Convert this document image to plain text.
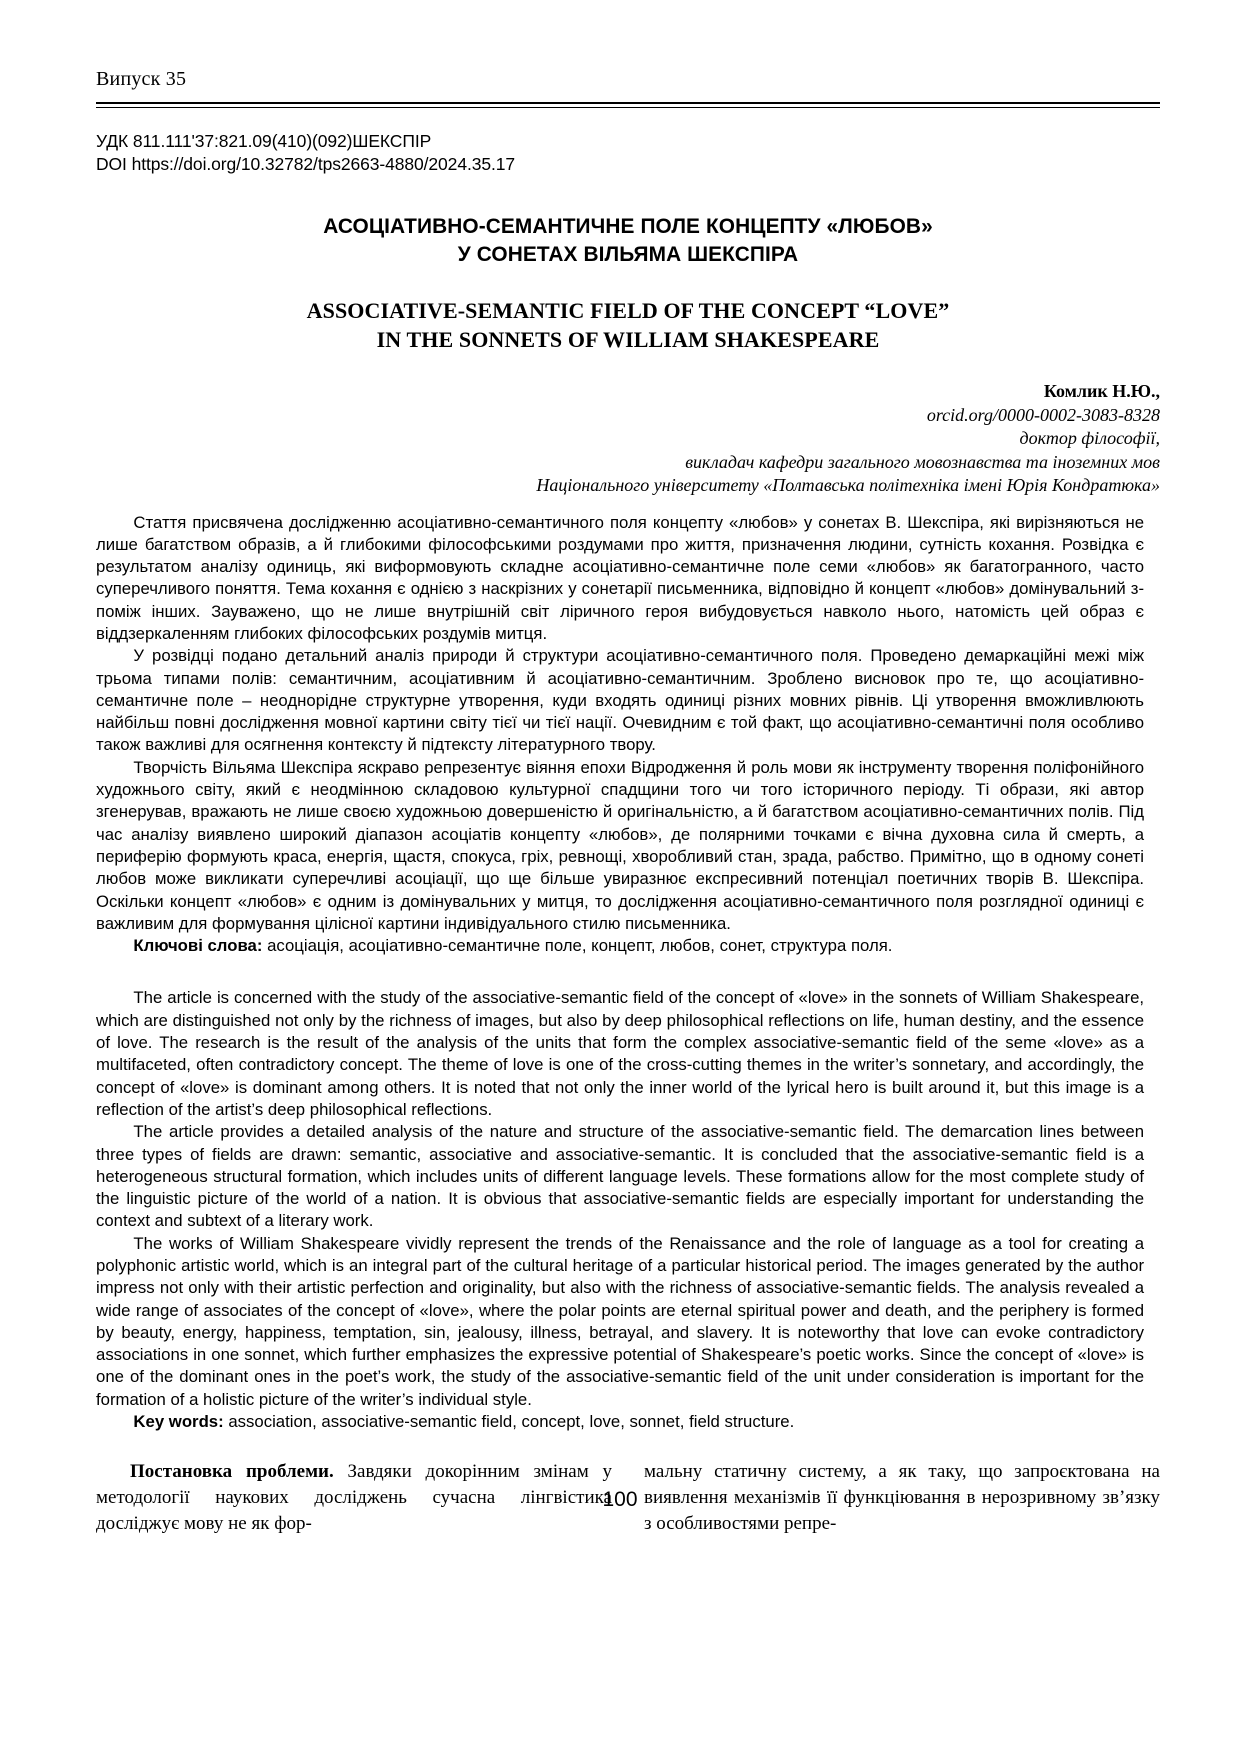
Випуск 35
УДК 811.111'37:821.09(410)(092)ШЕКСПІР
DOI https://doi.org/10.32782/tps2663-4880/2024.35.17
АСОЦІАТИВНО-СЕМАНТИЧНЕ ПОЛЕ КОНЦЕПТУ «ЛЮБОВ»
У СОНЕТАХ ВІЛЬЯМА ШЕКСПІРА
ASSOCIATIVE-SEMANTIC FIELD OF THE CONCEPT “LOVE”
IN THE SONNETS OF WILLIAM SHAKESPEARE
Комлик Н.Ю.,
orcid.org/0000-0002-3083-8328
доктор філософії,
викладач кафедри загального мовознавства та іноземних мов
Національного університету «Полтавська політехніка імені Юрія Кондратюка»

Стаття присвячена дослідженню асоціативно-семантичного поля концепту «любов» у сонетах В. Шекспіра, які вирізняються не лише багатством образів, а й глибокими філософськими роздумами про життя, призначення людини, сутність кохання. Розвідка є результатом аналізу одиниць, які виформовують складне асоціативно-семантичне поле семи «любов» як багатогранного, часто суперечливого поняття. Тема кохання є однією з наскрізних у сонетарії письменника, відповідно й концепт «любов» домінувальний з-поміж інших. Зауважено, що не лише внутрішній світ ліричного героя вибудовується навколо нього, натомість цей образ є віддзеркаленням глибоких філософських роздумів митця.

У розвідці подано детальний аналіз природи й структури асоціативно-семантичного поля. Проведено демаркаційні межі між трьома типами полів: семантичним, асоціативним й асоціативно-семантичним. Зроблено висновок про те, що асоціативно-семантичне поле – неоднорідне структурне утворення, куди входять одиниці різних мовних рівнів. Ці утворення вможливлюють найбільш повні дослідження мовної картини світу тієї чи тієї нації. Очевидним є той факт, що асоціативно-семантичні поля особливо також важливі для осягнення контексту й підтексту літературного твору.

Творчість Вільяма Шекспіра яскраво репрезентує віяння епохи Відродження й роль мови як інструменту творення поліфонійного художнього світу, який є неодмінною складовою культурної спадщини того чи того історичного періоду. Ті образи, які автор згенерував, вражають не лише своєю художньою довершеністю й оригінальністю, а й багатством асоціативно-семантичних полів. Під час аналізу виявлено широкий діапазон асоціатів концепту «любов», де полярними точками є вічна духовна сила й смерть, а периферію формують краса, енергія, щастя, спокуса, гріх, ревнощі, хворобливий стан, зрада, рабство. Примітно, що в одному сонеті любов може викликати суперечливі асоціації, що ще більше увиразнює експресивний потенціал поетичних творів В. Шекспіра. Оскільки концепт «любов» є одним із домінувальних у митця, то дослідження асоціативно-семантичного поля розглядної одиниці є важливим для формування цілісної картини індивідуального стилю письменника.

Ключові слова: асоціація, асоціативно-семантичне поле, концепт, любов, сонет, структура поля.

The article is concerned with the study of the associative-semantic field of the concept of «love» in the sonnets of William Shakespeare, which are distinguished not only by the richness of images, but also by deep philosophical reflections on life, human destiny, and the essence of love. The research is the result of the analysis of the units that form the complex associative-semantic field of the seme «love» as a multifaceted, often contradictory concept. The theme of love is one of the cross-cutting themes in the writer’s sonnetary, and accordingly, the concept of «love» is dominant among others. It is noted that not only the inner world of the lyrical hero is built around it, but this image is a reflection of the artist’s deep philosophical reflections.

The article provides a detailed analysis of the nature and structure of the associative-semantic field. The demarcation lines between three types of fields are drawn: semantic, associative and associative-semantic. It is concluded that the associative-semantic field is a heterogeneous structural formation, which includes units of different language levels. These formations allow for the most complete study of the linguistic picture of the world of a nation. It is obvious that associative-semantic fields are especially important for understanding the context and subtext of a literary work.

The works of William Shakespeare vividly represent the trends of the Renaissance and the role of language as a tool for creating a polyphonic artistic world, which is an integral part of the cultural heritage of a particular historical period. The images generated by the author impress not only with their artistic perfection and originality, but also with the richness of associative-semantic fields. The analysis revealed a wide range of associates of the concept of «love», where the polar points are eternal spiritual power and death, and the periphery is formed by beauty, energy, happiness, temptation, sin, jealousy, illness, betrayal, and slavery. It is noteworthy that love can evoke contradictory associations in one sonnet, which further emphasizes the expressive potential of Shakespeare’s poetic works. Since the concept of «love» is one of the dominant ones in the poet’s work, the study of the associative-semantic field of the unit under consideration is important for the formation of a holistic picture of the writer’s individual style.

Key words: association, associative-semantic field, concept, love, sonnet, field structure.

Постановка проблеми. Завдяки докорінним змінам у методології наукових досліджень сучасна лінгвістика досліджує мову не як фор-

мальну статичну систему, а як таку, що запроєктована на виявлення механізмів її функціювання в нерозривному зв’язку з особливостями репре-

100
